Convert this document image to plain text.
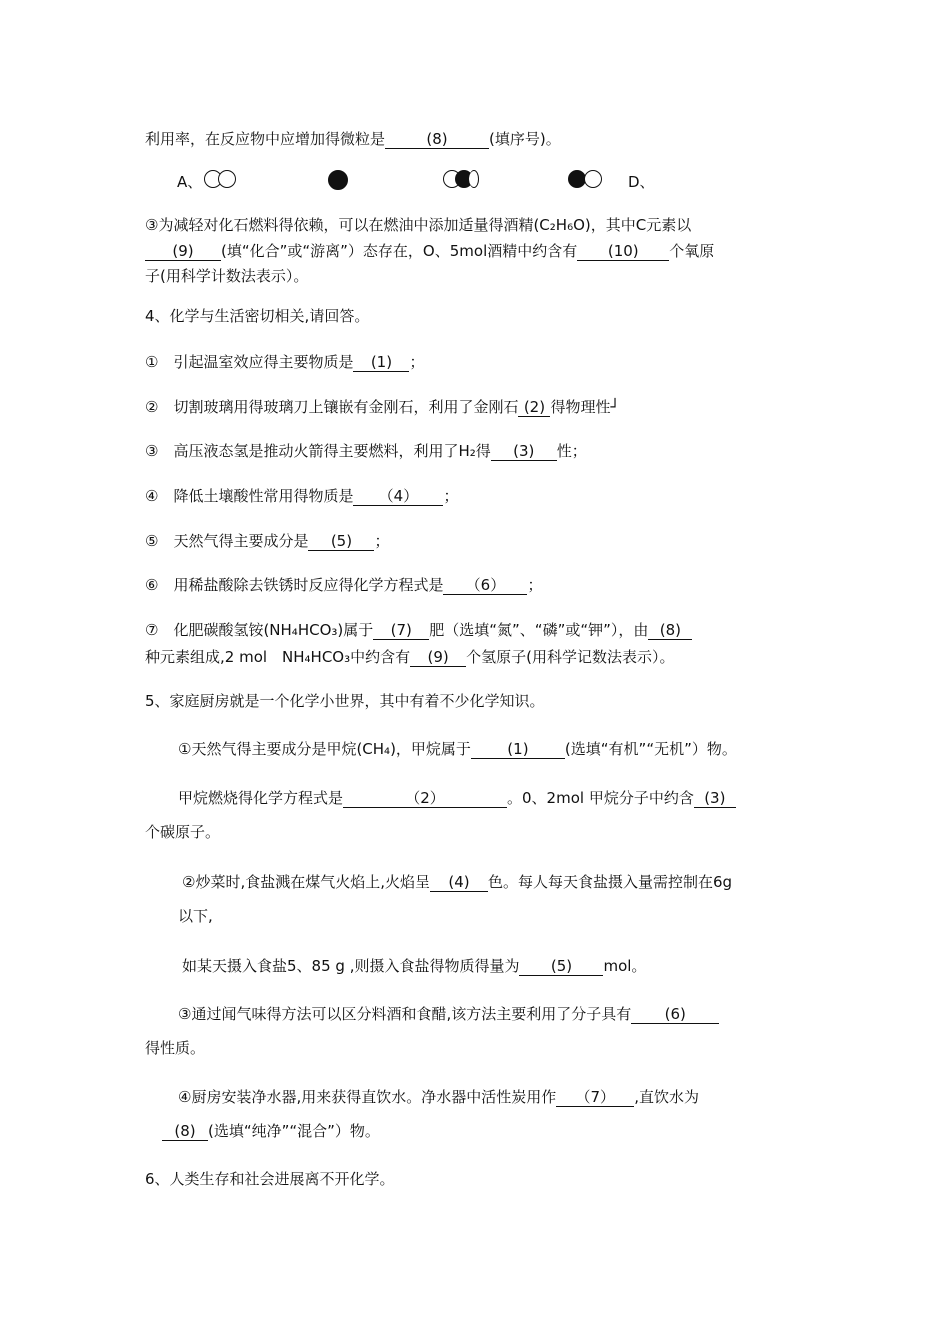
利用率，在反应物中应增加得微粒是	(8)	(填序号)。
A、	D、
③为减轻对化石燃料得依赖，可以在燃油中添加适量得酒精(C₂H₆O)，其中C元素以
(9) (填“化合”或“游离”）态存在，O、5mol酒精中约含有 (10) 个氧原
子(用科学计数法表示）。
4、化学与生活密切相关,请回答。
①　引起温室效应得主要物质是 (1) ；
②　切割玻璃用得玻璃刀上镶嵌有金刚石，利用了金刚石 (2) 得物理性┘
③　高压液态氢是推动火箭得主要燃料，利用了H₂得 (3) 性；
④　降低土壤酸性常用得物质是 （4） ；
⑤　天然气得主要成分是 (5) ；
⑥　用稀盐酸除去铁锈时反应得化学方程式是 （6） ；
⑦　化肥碳酸氢铵(NH₄HCO₃)属于 (7) 肥（选填“氮”、“磷”或“钾”），由 (8)
种元素组成,2 mol　NH₄HCO₃中约含有 (9) 个氢原子(用科学记数法表示）。
5、家庭厨房就是一个化学小世界，其中有着不少化学知识。
①天然气得主要成分是甲烷(CH₄)，甲烷属于 (1) (选填“有机”“无机”）物。
甲烷燃烧得化学方程式是	（2）	。0、2mol 甲烷分子中约含 (3)
个碳原子。
②炒菜时,食盐溅在煤气火焰上,火焰呈 (4) 色。每人每天食盐摄入量需控制在6g
以下,
如某天摄入食盐5、85 g ,则摄入食盐得物质得量为 (5) mol。
③通过闻气味得方法可以区分料酒和食醋,该方法主要利用了分子具有 (6)
得性质。
④厨房安装净水器,用来获得直饮水。净水器中活性炭用作 （7） ,直饮水为
(8) (选填“纯净”“混合”）物。
6、人类生存和社会进展离不开化学。
